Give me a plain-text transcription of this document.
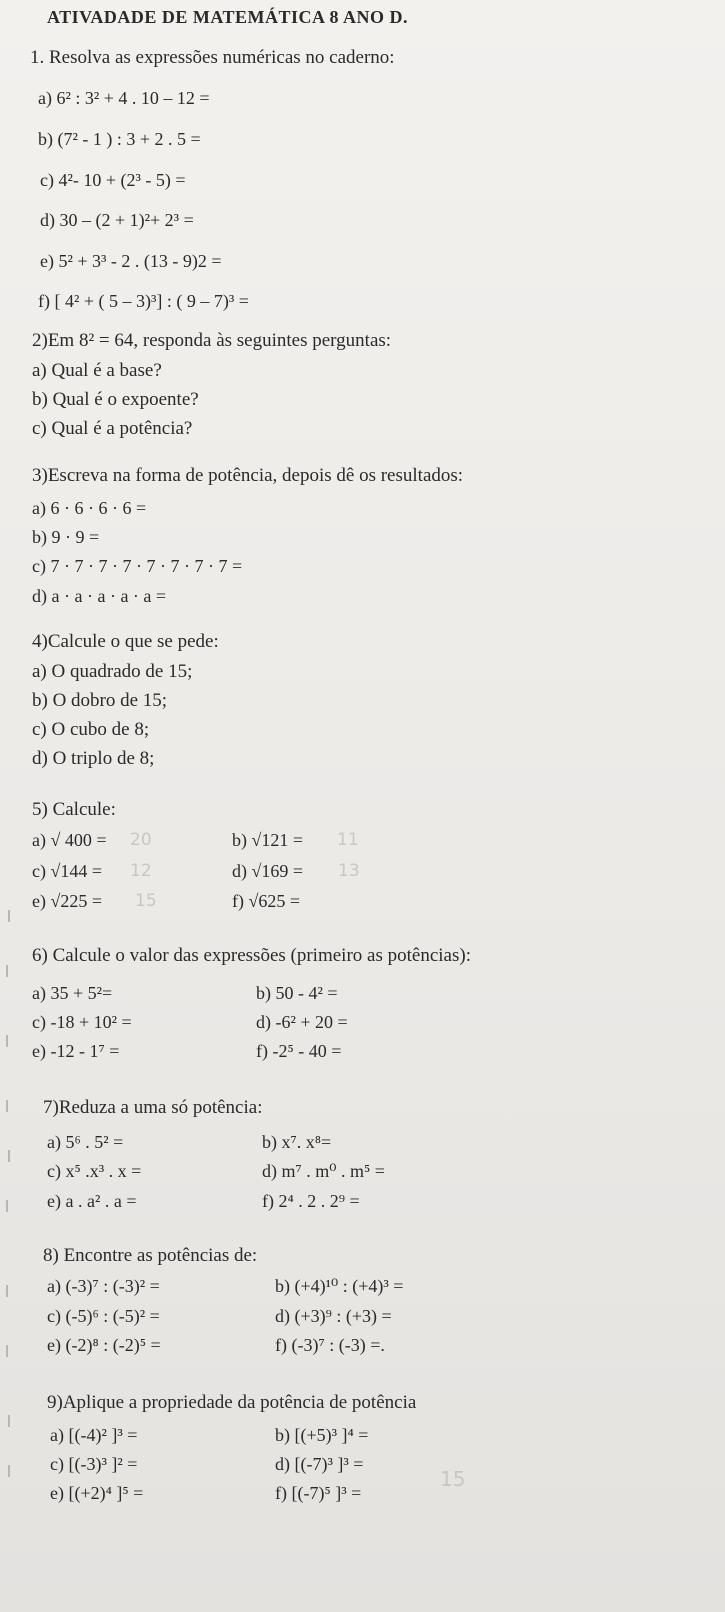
ATIVADADE DE MATEMÁTICA 8 ANO D.
1. Resolva as expressões numéricas no caderno:
a) 6² : 3² + 4 . 10 – 12 =
b) (7² - 1 ) : 3 + 2 . 5 =
c) 4²- 10 + (2³ - 5) =
d) 30 – (2 + 1)²+ 2³ =
e) 5² + 3³ - 2 . (13 - 9)2 =
f) [ 4² + ( 5 – 3)³] : ( 9 – 7)³ =
2)Em 8² = 64, responda às seguintes perguntas:
a) Qual é a base?
b) Qual é o expoente?
c) Qual é a potência?
3)Escreva na forma de potência, depois dê os resultados:
a) 6 · 6 · 6 · 6 =
b) 9 · 9 =
c) 7 · 7 · 7 · 7 · 7 · 7 · 7 · 7 =
d) a · a · a · a · a =
4)Calcule o que se pede:
a) O quadrado de 15;
b) O dobro de 15;
c) O cubo de 8;
d) O triplo de 8;
5) Calcule:
a) √ 400 =
c) √144 =
e) √225 =
b) √121 =
d) √169 =
f) √625 =
20	11
12	13
15
6) Calcule o valor das expressões (primeiro as potências):
a) 35 + 5²=
c) -18 + 10² =
e) -12 - 1⁷ =
b) 50 - 4² =
d) -6² + 20 =
f) -2⁵ - 40 =
7)Reduza a uma só potência:
a) 5⁶ . 5² =
c) x⁵ .x³ . x =
e) a . a² . a =
b) x⁷. x⁸=
d) m⁷ . m⁰ . m⁵ =
f) 2⁴ . 2 . 2⁹ =
8) Encontre as potências de:
a) (-3)⁷ : (-3)² =
c) (-5)⁶ : (-5)² =
e) (-2)⁸ : (-2)⁵ =
b) (+4)¹⁰ : (+4)³ =
d) (+3)⁹ : (+3) =
f) (-3)⁷ : (-3) =.
9)Aplique a propriedade da potência de potência
a) [(-4)² ]³ =
c) [(-3)³ ]² =
e) [(+2)⁴ ]⁵ =
b) [(+5)³ ]⁴ =
d) [(-7)³ ]³ =
f) [(-7)⁵ ]³ =
15
